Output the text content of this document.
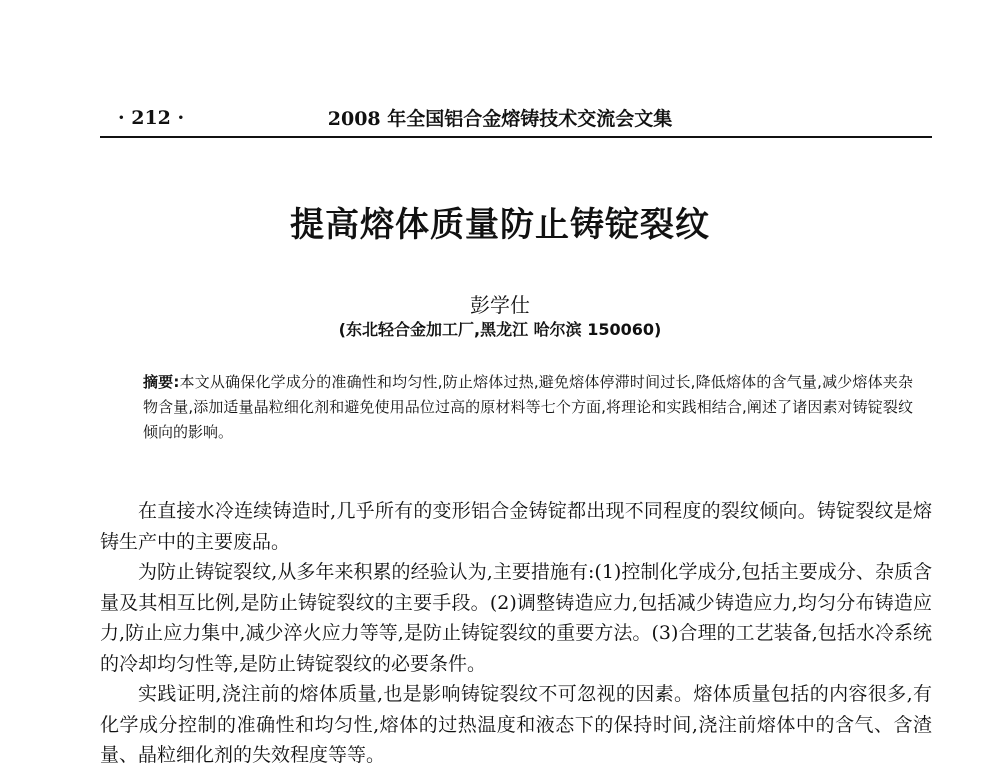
· 212 ·	2008 年全国铝合金熔铸技术交流会文集
提高熔体质量防止铸锭裂纹
彭学仕
(东北轻合金加工厂,黑龙江 哈尔滨 150060)
摘要:本文从确保化学成分的准确性和均匀性,防止熔体过热,避免熔体停滞时间过长,降低熔体的含气量,减少熔体夹杂物含量,添加适量晶粒细化剂和避免使用品位过高的原材料等七个方面,将理论和实践相结合,阐述了诸因素对铸锭裂纹倾向的影响。

在直接水冷连续铸造时,几乎所有的变形铝合金铸锭都出现不同程度的裂纹倾向。铸锭裂纹是熔铸生产中的主要废品。

为防止铸锭裂纹,从多年来积累的经验认为,主要措施有:(1)控制化学成分,包括主要成分、杂质含量及其相互比例,是防止铸锭裂纹的主要手段。(2)调整铸造应力,包括减少铸造应力,均匀分布铸造应力,防止应力集中,减少淬火应力等等,是防止铸锭裂纹的重要方法。(3)合理的工艺装备,包括水冷系统的冷却均匀性等,是防止铸锭裂纹的必要条件。

实践证明,浇注前的熔体质量,也是影响铸锭裂纹不可忽视的因素。熔体质量包括的内容很多,有化学成分控制的准确性和均匀性,熔体的过热温度和液态下的保持时间,浇注前熔体中的含气、含渣量、晶粒细化剂的失效程度等等。
